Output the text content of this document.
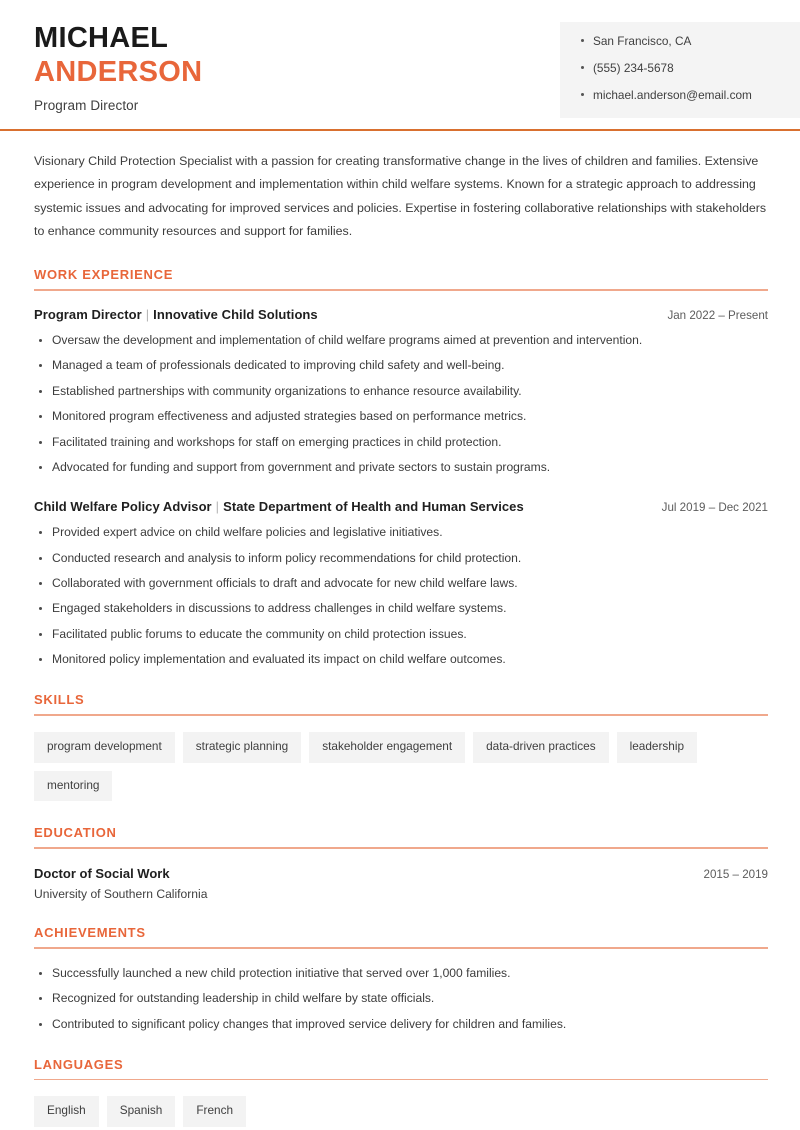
MICHAEL
ANDERSON
Program Director
San Francisco, CA
(555) 234-5678
michael.anderson@email.com
Visionary Child Protection Specialist with a passion for creating transformative change in the lives of children and families. Extensive experience in program development and implementation within child welfare systems. Known for a strategic approach to addressing systemic issues and advocating for improved services and policies. Expertise in fostering collaborative relationships with stakeholders to enhance community resources and support for families.
WORK EXPERIENCE
Program Director | Innovative Child Solutions	Jan 2022 – Present
Oversaw the development and implementation of child welfare programs aimed at prevention and intervention.
Managed a team of professionals dedicated to improving child safety and well-being.
Established partnerships with community organizations to enhance resource availability.
Monitored program effectiveness and adjusted strategies based on performance metrics.
Facilitated training and workshops for staff on emerging practices in child protection.
Advocated for funding and support from government and private sectors to sustain programs.
Child Welfare Policy Advisor | State Department of Health and Human Services	Jul 2019 – Dec 2021
Provided expert advice on child welfare policies and legislative initiatives.
Conducted research and analysis to inform policy recommendations for child protection.
Collaborated with government officials to draft and advocate for new child welfare laws.
Engaged stakeholders in discussions to address challenges in child welfare systems.
Facilitated public forums to educate the community on child protection issues.
Monitored policy implementation and evaluated its impact on child welfare outcomes.
SKILLS
program development	strategic planning	stakeholder engagement	data-driven practices	leadership
mentoring
EDUCATION
Doctor of Social Work	2015 – 2019
University of Southern California
ACHIEVEMENTS
Successfully launched a new child protection initiative that served over 1,000 families.
Recognized for outstanding leadership in child welfare by state officials.
Contributed to significant policy changes that improved service delivery for children and families.
LANGUAGES
English	Spanish	French
